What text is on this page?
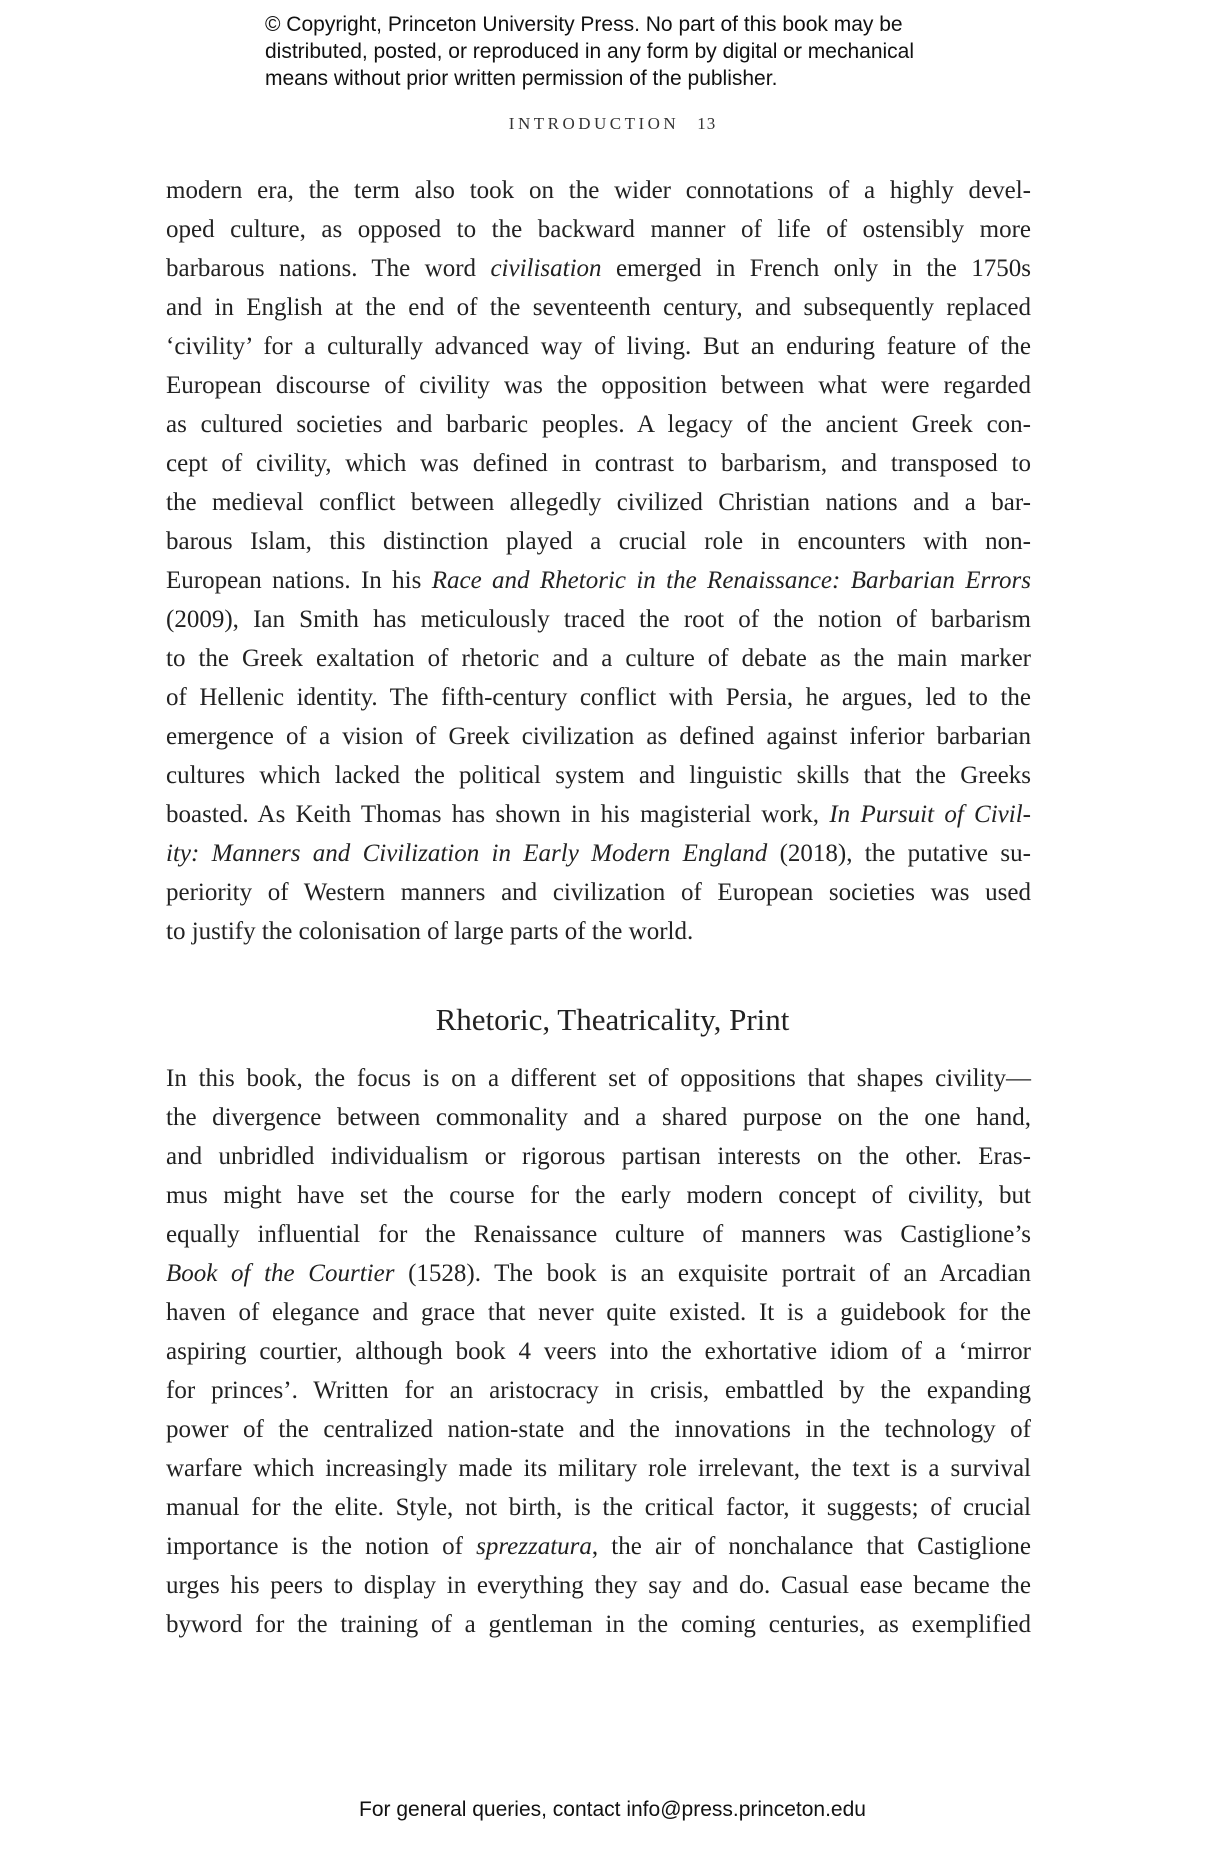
© Copyright, Princeton University Press. No part of this book may be
distributed, posted, or reproduced in any form by digital or mechanical
means without prior written permission of the publisher.
INTRODUCTION 13
modern era, the term also took on the wider connotations of a highly devel-
oped culture, as opposed to the backward manner of life of ostensibly more
barbarous nations. The word civilisation emerged in French only in the 1750s
and in English at the end of the seventeenth century, and subsequently replaced
‘civility’ for a culturally advanced way of living. But an enduring feature of the
European discourse of civility was the opposition between what were regarded
as cultured societies and barbaric peoples. A legacy of the ancient Greek con-
cept of civility, which was defined in contrast to barbarism, and transposed to
the medieval conflict between allegedly civilized Christian nations and a bar-
barous Islam, this distinction played a crucial role in encounters with non-
European nations. In his Race and Rhetoric in the Renaissance: Barbarian Errors
(2009), Ian Smith has meticulously traced the root of the notion of barbarism
to the Greek exaltation of rhetoric and a culture of debate as the main marker
of Hellenic identity. The fifth-century conflict with Persia, he argues, led to the
emergence of a vision of Greek civilization as defined against inferior barbarian
cultures which lacked the political system and linguistic skills that the Greeks
boasted. As Keith Thomas has shown in his magisterial work, In Pursuit of Civil-
ity: Manners and Civilization in Early Modern England (2018), the putative su-
periority of Western manners and civilization of European societies was used
to justify the colonisation of large parts of the world.
Rhetoric, Theatricality, Print
In this book, the focus is on a different set of oppositions that shapes civility—
the divergence between commonality and a shared purpose on the one hand,
and unbridled individualism or rigorous partisan interests on the other. Eras-
mus might have set the course for the early modern concept of civility, but
equally influential for the Renaissance culture of manners was Castiglione’s
Book of the Courtier (1528). The book is an exquisite portrait of an Arcadian
haven of elegance and grace that never quite existed. It is a guidebook for the
aspiring courtier, although book 4 veers into the exhortative idiom of a ‘mirror
for princes’. Written for an aristocracy in crisis, embattled by the expanding
power of the centralized nation-state and the innovations in the technology of
warfare which increasingly made its military role irrelevant, the text is a survival
manual for the elite. Style, not birth, is the critical factor, it suggests; of crucial
importance is the notion of sprezzatura, the air of nonchalance that Castiglione
urges his peers to display in everything they say and do. Casual ease became the
byword for the training of a gentleman in the coming centuries, as exemplified
For general queries, contact info@press.princeton.edu
